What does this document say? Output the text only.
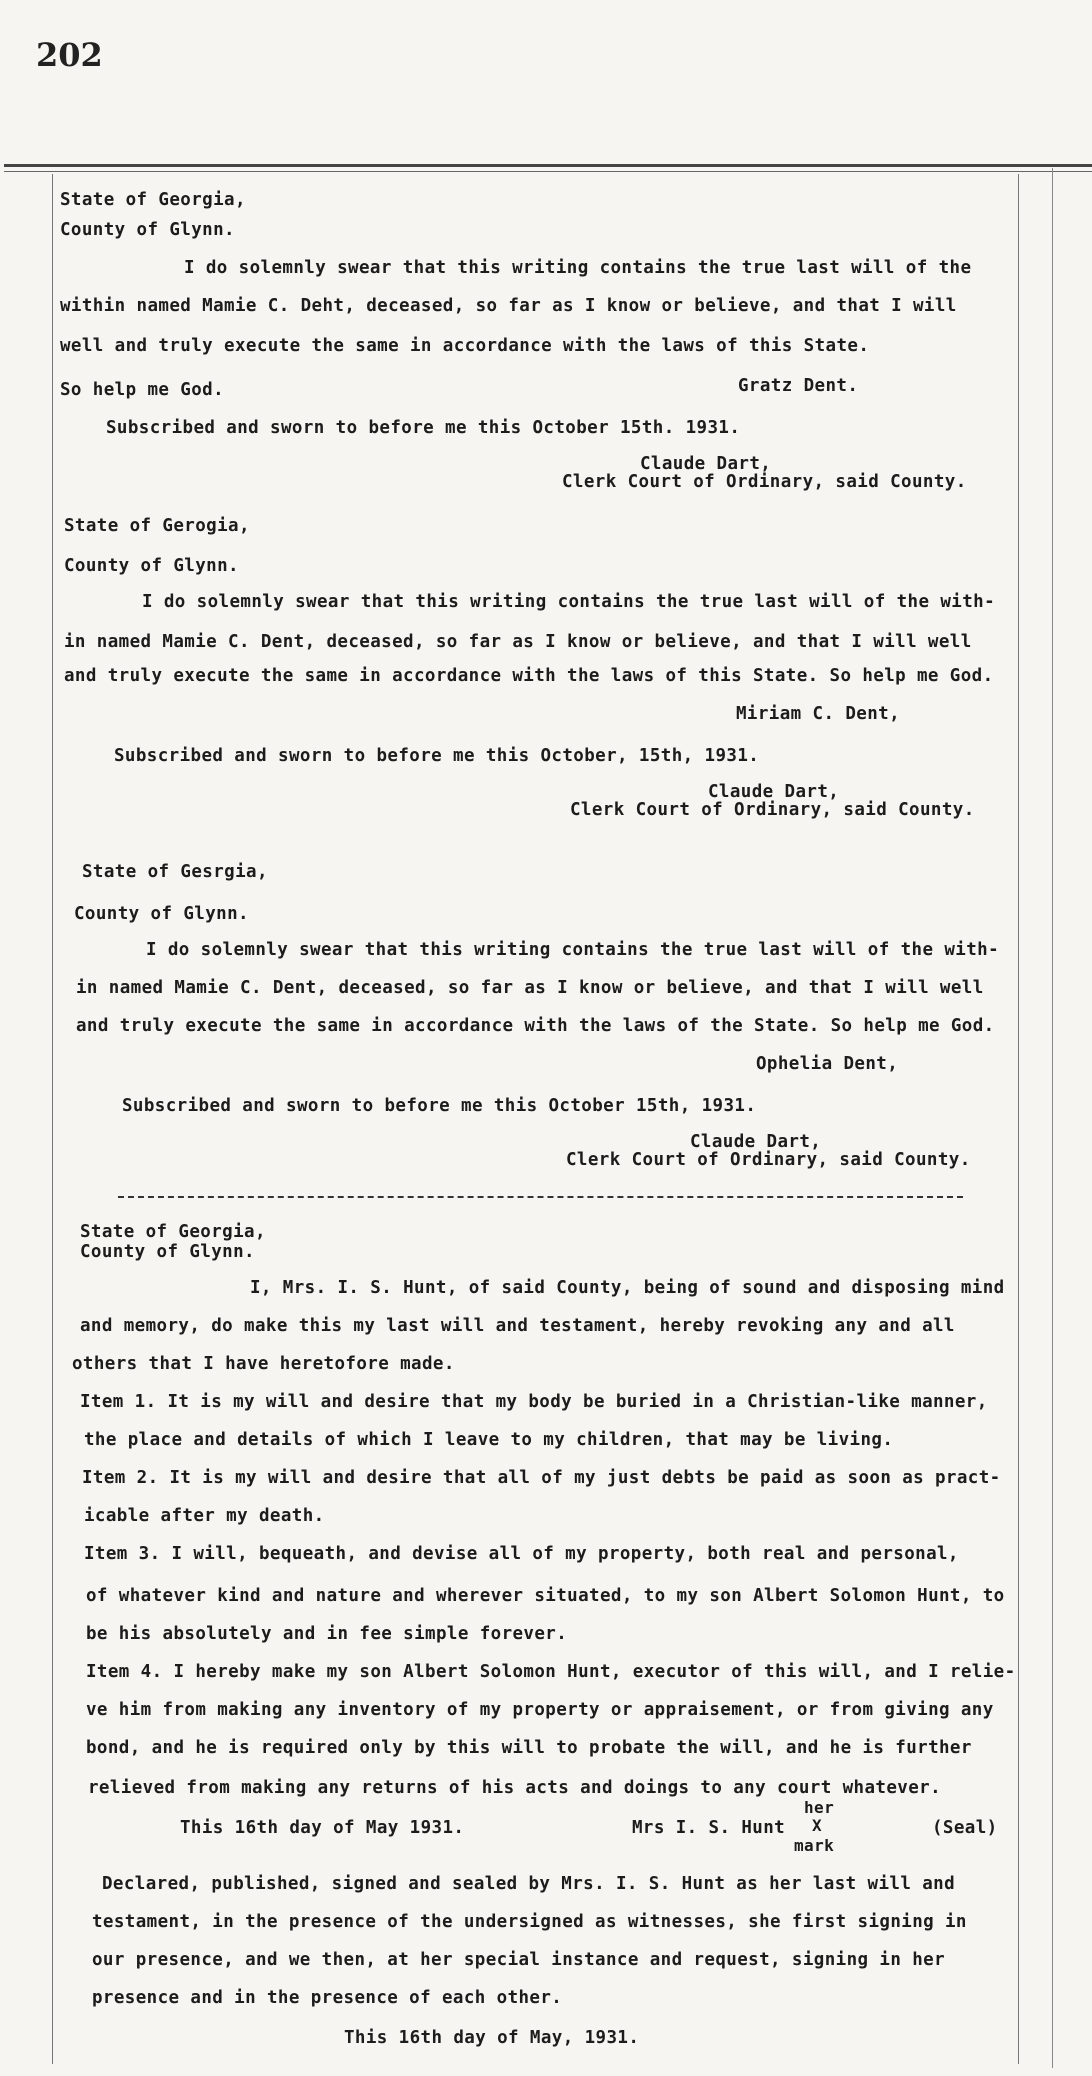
202
State of Georgia,
County of Glynn.
I do solemnly swear that this writing contains the true last will of the
within named Mamie C. Deht, deceased, so far as I know or believe, and that I will
well and truly execute the same in accordance with the laws of this State.
So help me God.	Gratz Dent.
Subscribed and sworn to before me this October 15th. 1931.
Claude Dart,
Clerk Court of Ordinary, said County.
State of Gerogia,
County of Glynn.
I do solemnly swear that this writing contains the true last will of the with-
in named Mamie C. Dent, deceased, so far as I know or believe, and that I will well
and truly execute the same in accordance with the laws of this State. So help me God.
Miriam C. Dent,
Subscribed and sworn to before me this October, 15th, 1931.
Claude Dart,
Clerk Court of Ordinary, said County.
State of Gesrgia,
County of Glynn.
I do solemnly swear that this writing contains the true last will of the with-
in named Mamie C. Dent, deceased, so far as I know or believe, and that I will well
and truly execute the same in accordance with the laws of the State. So help me God.
Ophelia Dent,
Subscribed and sworn to before me this October 15th, 1931.
Claude Dart,
Clerk Court of Ordinary, said County.
State of Georgia,
County of Glynn.
I, Mrs. I. S. Hunt, of said County, being of sound and disposing mind
and memory, do make this my last will and testament, hereby revoking any and all
others that I have heretofore made.
Item 1. It is my will and desire that my body be buried in a Christian-like manner,
the place and details of which I leave to my children, that may be living.
Item 2. It is my will and desire that all of my just debts be paid as soon as pract-
icable after my death.
Item 3. I will, bequeath, and devise all of my property, both real and personal,
of whatever kind and nature and wherever situated, to my son Albert Solomon Hunt, to
be his absolutely and in fee simple forever.
Item 4. I hereby make my son Albert Solomon Hunt, executor of this will, and I relie-
ve him from making any inventory of my property or appraisement, or from giving any
bond, and he is required only by this will to probate the will, and he is further
relieved from making any returns of his acts and doings to any court whatever.
This 16th day of May 1931.	Mrs I. S. Hunt
her
X
mark
(Seal)
Declared, published, signed and sealed by Mrs. I. S. Hunt as her last will and
testament, in the presence of the undersigned as witnesses, she first signing in
our presence, and we then, at her special instance and request, signing in her
presence and in the presence of each other.
This 16th day of May, 1931.
